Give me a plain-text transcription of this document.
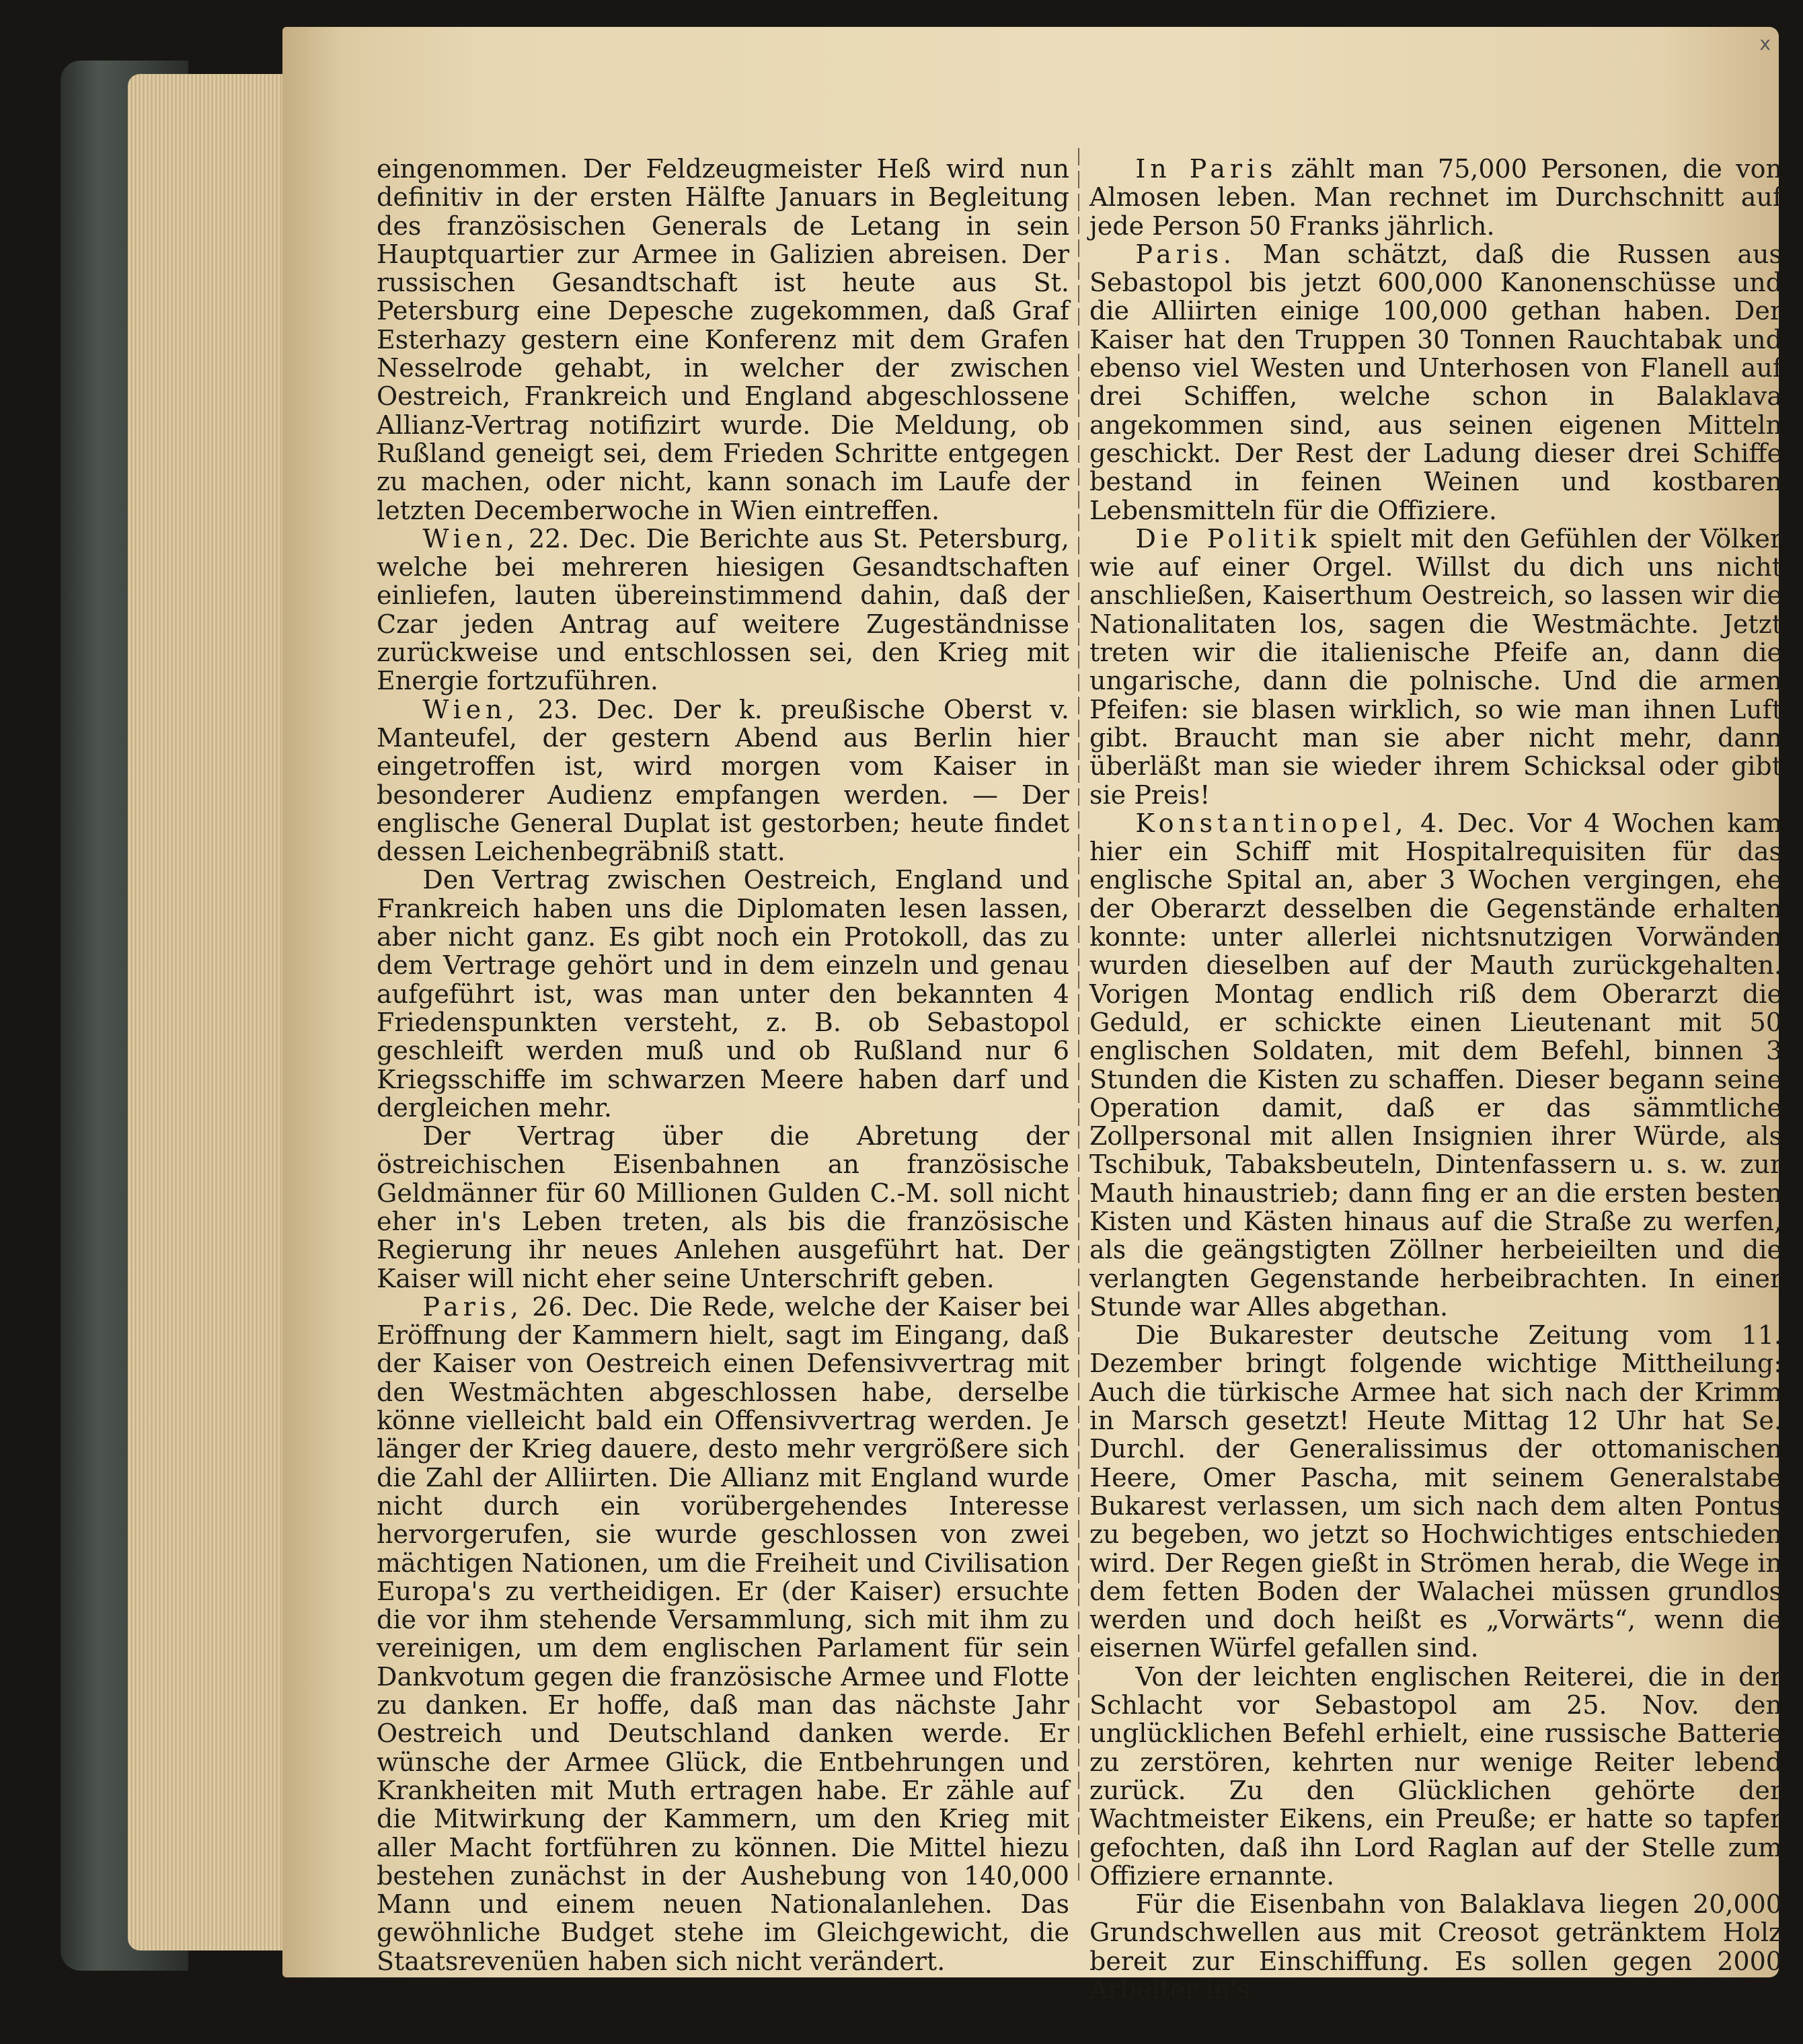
x

eingenommen. Der Feldzeugmeister Heß wird nun definitiv in der ersten Hälfte Januars in Begleitung des französischen Generals de Letang in sein Hauptquartier zur Armee in Galizien abreisen. Der russischen Gesandtschaft ist heute aus St. Petersburg eine Depesche zugekommen, daß Graf Esterhazy gestern eine Konferenz mit dem Grafen Nesselrode gehabt, in welcher der zwischen Oestreich, Frankreich und England abgeschlossene Allianz-Vertrag notifizirt wurde. Die Meldung, ob Rußland geneigt sei, dem Frieden Schritte entgegen zu machen, oder nicht, kann sonach im Laufe der letzten Decemberwoche in Wien eintreffen.

Wien, 22. Dec. Die Berichte aus St. Petersburg, welche bei mehreren hiesigen Gesandtschaften einliefen, lauten übereinstimmend dahin, daß der Czar jeden Antrag auf weitere Zugeständnisse zurückweise und entschlossen sei, den Krieg mit Energie fortzuführen.

Wien, 23. Dec. Der k. preußische Oberst v. Manteufel, der gestern Abend aus Berlin hier eingetroffen ist, wird morgen vom Kaiser in besonderer Audienz empfangen werden. — Der englische General Duplat ist gestorben; heute findet dessen Leichenbegräbniß statt.

Den Vertrag zwischen Oestreich, England und Frankreich haben uns die Diplomaten lesen lassen, aber nicht ganz. Es gibt noch ein Protokoll, das zu dem Vertrage gehört und in dem einzeln und genau aufgeführt ist, was man unter den bekannten 4 Friedenspunkten versteht, z. B. ob Sebastopol geschleift werden muß und ob Rußland nur 6 Kriegsschiffe im schwarzen Meere haben darf und dergleichen mehr.

Der Vertrag über die Abretung der östreichischen Eisenbahnen an französische Geldmänner für 60 Millionen Gulden C.-M. soll nicht eher in's Leben treten, als bis die französische Regierung ihr neues Anlehen ausgeführt hat. Der Kaiser will nicht eher seine Unterschrift geben.

Paris, 26. Dec. Die Rede, welche der Kaiser bei Eröffnung der Kammern hielt, sagt im Eingang, daß der Kaiser von Oestreich einen Defensivvertrag mit den Westmächten abgeschlossen habe, derselbe könne vielleicht bald ein Offensivvertrag werden. Je länger der Krieg dauere, desto mehr vergrößere sich die Zahl der Alliirten. Die Allianz mit England wurde nicht durch ein vorübergehendes Interesse hervorgerufen, sie wurde geschlossen von zwei mächtigen Nationen, um die Freiheit und Civilisation Europa's zu vertheidigen. Er (der Kaiser) ersuchte die vor ihm stehende Versammlung, sich mit ihm zu vereinigen, um dem englischen Parlament für sein Dankvotum gegen die französische Armee und Flotte zu danken. Er hoffe, daß man das nächste Jahr Oestreich und Deutschland danken werde. Er wünsche der Armee Glück, die Entbehrungen und Krankheiten mit Muth ertragen habe. Er zähle auf die Mitwirkung der Kammern, um den Krieg mit aller Macht fortführen zu können. Die Mittel hiezu bestehen zunächst in der Aushebung von 140,000 Mann und einem neuen Nationalanlehen. Das gewöhnliche Budget stehe im Gleichgewicht, die Staatsrevenüen haben sich nicht verändert.

In Paris zählt man 75,000 Personen, die von Almosen leben. Man rechnet im Durchschnitt auf jede Person 50 Franks jährlich.

Paris. Man schätzt, daß die Russen aus Sebastopol bis jetzt 600,000 Kanonenschüsse und die Alliirten einige 100,000 gethan haben. Der Kaiser hat den Truppen 30 Tonnen Rauchtabak und ebenso viel Westen und Unterhosen von Flanell auf drei Schiffen, welche schon in Balaklava angekommen sind, aus seinen eigenen Mitteln geschickt. Der Rest der Ladung dieser drei Schiffe bestand in feinen Weinen und kostbaren Lebensmitteln für die Offiziere.

Die Politik spielt mit den Gefühlen der Völker wie auf einer Orgel. Willst du dich uns nicht anschließen, Kaiserthum Oestreich, so lassen wir die Nationalitaten los, sagen die Westmächte. Jetzt treten wir die italienische Pfeife an, dann die ungarische, dann die polnische. Und die armen Pfeifen: sie blasen wirklich, so wie man ihnen Luft gibt. Braucht man sie aber nicht mehr, dann überläßt man sie wieder ihrem Schicksal oder gibt sie Preis!

Konstantinopel, 4. Dec. Vor 4 Wochen kam hier ein Schiff mit Hospitalrequisiten für das englische Spital an, aber 3 Wochen vergingen, ehe der Oberarzt desselben die Gegenstände erhalten konnte: unter allerlei nichtsnutzigen Vorwänden wurden dieselben auf der Mauth zurückgehalten. Vorigen Montag endlich riß dem Oberarzt die Geduld, er schickte einen Lieutenant mit 50 englischen Soldaten, mit dem Befehl, binnen 3 Stunden die Kisten zu schaffen. Dieser begann seine Operation damit, daß er das sämmtliche Zollpersonal mit allen Insignien ihrer Würde, als Tschibuk, Tabaksbeuteln, Dintenfassern u. s. w. zur Mauth hinaustrieb; dann fing er an die ersten besten Kisten und Kästen hinaus auf die Straße zu werfen, als die geängstigten Zöllner herbeieilten und die verlangten Gegenstande herbeibrachten. In einer Stunde war Alles abgethan.

Die Bukarester deutsche Zeitung vom 11. Dezember bringt folgende wichtige Mittheilung: Auch die türkische Armee hat sich nach der Krimm in Marsch gesetzt! Heute Mittag 12 Uhr hat Se. Durchl. der Generalissimus der ottomanischen Heere, Omer Pascha, mit seinem Generalstabe Bukarest verlassen, um sich nach dem alten Pontus zu begeben, wo jetzt so Hochwichtiges entschieden wird. Der Regen gießt in Strömen herab, die Wege in dem fetten Boden der Walachei müssen grundlos werden und doch heißt es „Vorwärts“, wenn die eisernen Würfel gefallen sind.

Von der leichten englischen Reiterei, die in der Schlacht vor Sebastopol am 25. Nov. den unglücklichen Befehl erhielt, eine russische Batterie zu zerstören, kehrten nur wenige Reiter lebend zurück. Zu den Glücklichen gehörte der Wachtmeister Eikens, ein Preuße; er hatte so tapfer gefochten, daß ihn Lord Raglan auf der Stelle zum Offiziere ernannte.

Für die Eisenbahn von Balaklava liegen 20,000 Grundschwellen aus mit Creosot getränktem Holz bereit zur Einschiffung. Es sollen gegen 2000 Arbeiter in's
